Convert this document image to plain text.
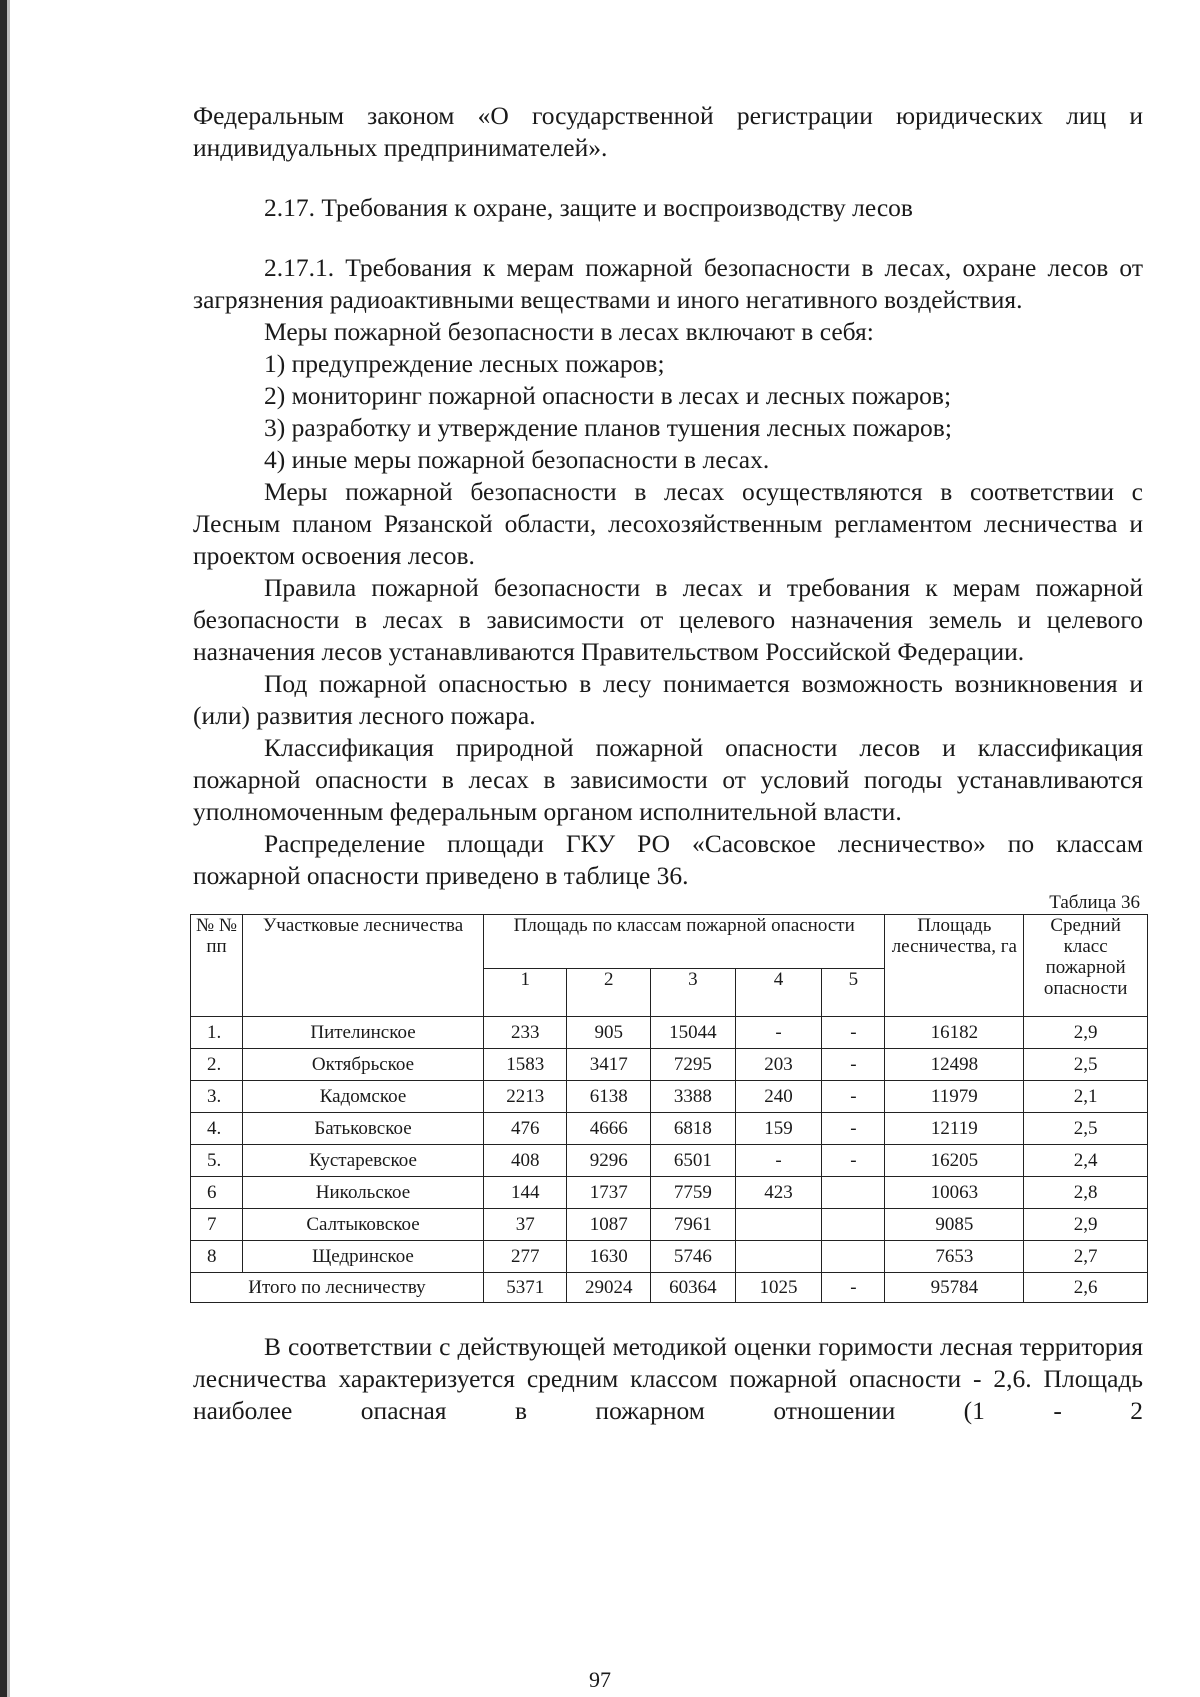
Федеральным законом «О государственной регистрации юридических лиц и индивидуальных предпринимателей».

2.17. Требования к охране, защите и воспроизводству лесов

2.17.1. Требования к мерам пожарной безопасности в лесах, охране лесов от загрязнения радиоактивными веществами и иного негативного воздействия.

Меры пожарной безопасности в лесах включают в себя:

1) предупреждение лесных пожаров;
2) мониторинг пожарной опасности в лесах и лесных пожаров;
3) разработку и утверждение планов тушения лесных пожаров;
4) иные меры пожарной безопасности в лесах.

Меры пожарной безопасности в лесах осуществляются в соответствии с Лесным планом Рязанской области, лесохозяйственным регламентом лесничества и проектом освоения лесов.

Правила пожарной безопасности в лесах и требования к мерам пожарной безопасности в лесах в зависимости от целевого назначения земель и целевого назначения лесов устанавливаются Правительством Российской Федерации.

Под пожарной опасностью в лесу понимается возможность возникновения и (или) развития лесного пожара.

Классификация природной пожарной опасности лесов и классификация пожарной опасности в лесах в зависимости от условий погоды устанавливаются уполномоченным федеральным органом исполнительной власти.

Распределение площади ГКУ РО «Сасовское лесничество» по классам пожарной опасности приведено в таблице 36.

Таблица 36
№ № пп	Участковые лесничества	Площадь по классам пожарной опасности					Площадь лесничества, га	Средний класс пожарной опасности
		1	2	3	4	5		
1.	Пителинское	233	905	15044	-	-	16182	2,9
2.	Октябрьское	1583	3417	7295	203	-	12498	2,5
3.	Кадомское	2213	6138	3388	240	-	11979	2,1
4.	Батьковское	476	4666	6818	159	-	12119	2,5
5.	Кустаревское	408	9296	6501	-	-	16205	2,4
6	Никольское	144	1737	7759	423		10063	2,8
7	Салтыковское	37	1087	7961			9085	2,9
8	Щедринское	277	1630	5746			7653	2,7
Итого по лесничеству		5371	29024	60364	1025	-	95784	2,6

В соответствии с действующей методикой оценки горимости лесная территория лесничества характеризуется средним классом пожарной опасности - 2,6. Площадь наиболее опасная в пожарном отношении (1 - 2

97
